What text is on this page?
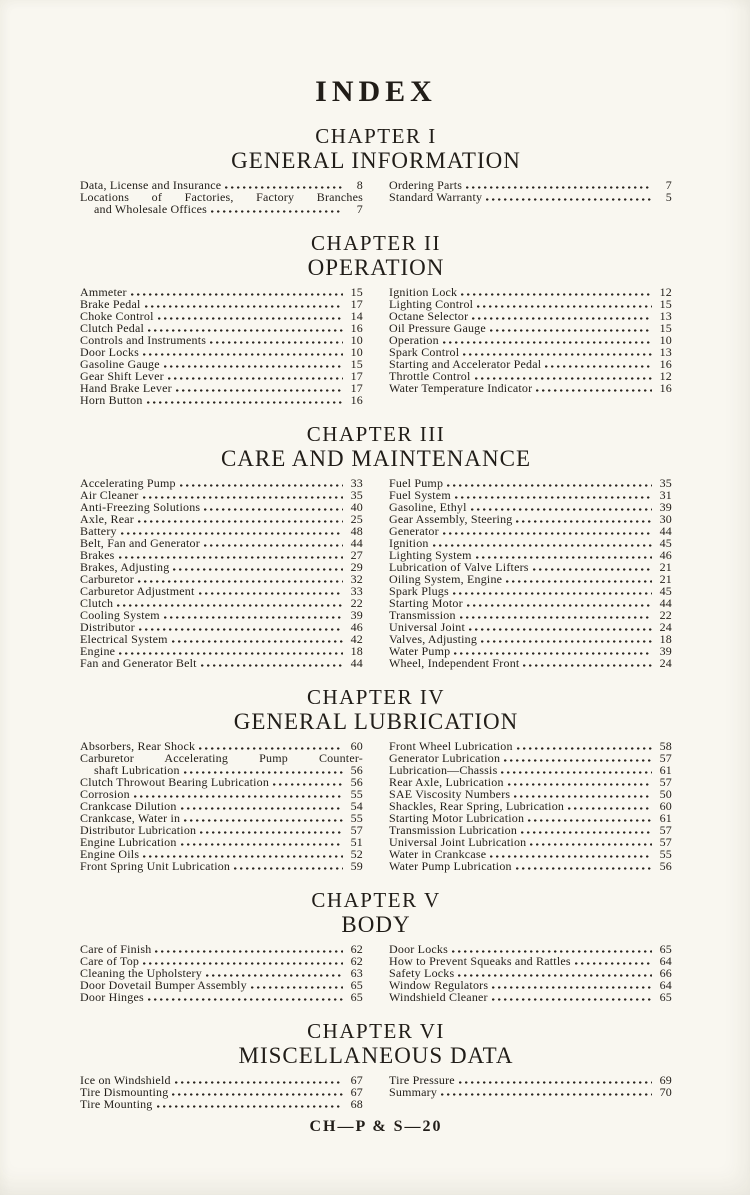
INDEX
CHAPTER I
GENERAL INFORMATION
Data, License and Insurance	8
Locations of Factories, Factory Branches
and Wholesale Offices	7
Ordering Parts	7
Standard Warranty	5
CHAPTER II
OPERATION
Ammeter	15
Brake Pedal	17
Choke Control	14
Clutch Pedal	16
Controls and Instruments	10
Door Locks	10
Gasoline Gauge	15
Gear Shift Lever	17
Hand Brake Lever	17
Horn Button	16
Ignition Lock	12
Lighting Control	15
Octane Selector	13
Oil Pressure Gauge	15
Operation	10
Spark Control	13
Starting and Accelerator Pedal	16
Throttle Control	12
Water Temperature Indicator	16
CHAPTER III
CARE AND MAINTENANCE
Accelerating Pump	33
Air Cleaner	35
Anti-Freezing Solutions	40
Axle, Rear	25
Battery	48
Belt, Fan and Generator	44
Brakes	27
Brakes, Adjusting	29
Carburetor	32
Carburetor Adjustment	33
Clutch	22
Cooling System	39
Distributor	46
Electrical System	42
Engine	18
Fan and Generator Belt	44
Fuel Pump	35
Fuel System	31
Gasoline, Ethyl	39
Gear Assembly, Steering	30
Generator	44
Ignition	45
Lighting System	46
Lubrication of Valve Lifters	21
Oiling System, Engine	21
Spark Plugs	45
Starting Motor	44
Transmission	22
Universal Joint	24
Valves, Adjusting	18
Water Pump	39
Wheel, Independent Front	24
CHAPTER IV
GENERAL LUBRICATION
Absorbers, Rear Shock	60
Carburetor Accelerating Pump Counter-
shaft Lubrication	56
Clutch Throwout Bearing Lubrication	56
Corrosion	55
Crankcase Dilution	54
Crankcase, Water in	55
Distributor Lubrication	57
Engine Lubrication	51
Engine Oils	52
Front Spring Unit Lubrication	59
Front Wheel Lubrication	58
Generator Lubrication	57
Lubrication—Chassis	61
Rear Axle, Lubrication	57
SAE Viscosity Numbers	50
Shackles, Rear Spring, Lubrication	60
Starting Motor Lubrication	61
Transmission Lubrication	57
Universal Joint Lubrication	57
Water in Crankcase	55
Water Pump Lubrication	56
CHAPTER V
BODY
Care of Finish	62
Care of Top	62
Cleaning the Upholstery	63
Door Dovetail Bumper Assembly	65
Door Hinges	65
Door Locks	65
How to Prevent Squeaks and Rattles	64
Safety Locks	66
Window Regulators	64
Windshield Cleaner	65
CHAPTER VI
MISCELLANEOUS DATA
Ice on Windshield	67
Tire Dismounting	67
Tire Mounting	68
Tire Pressure	69
Summary	70
CH—P & S—20
